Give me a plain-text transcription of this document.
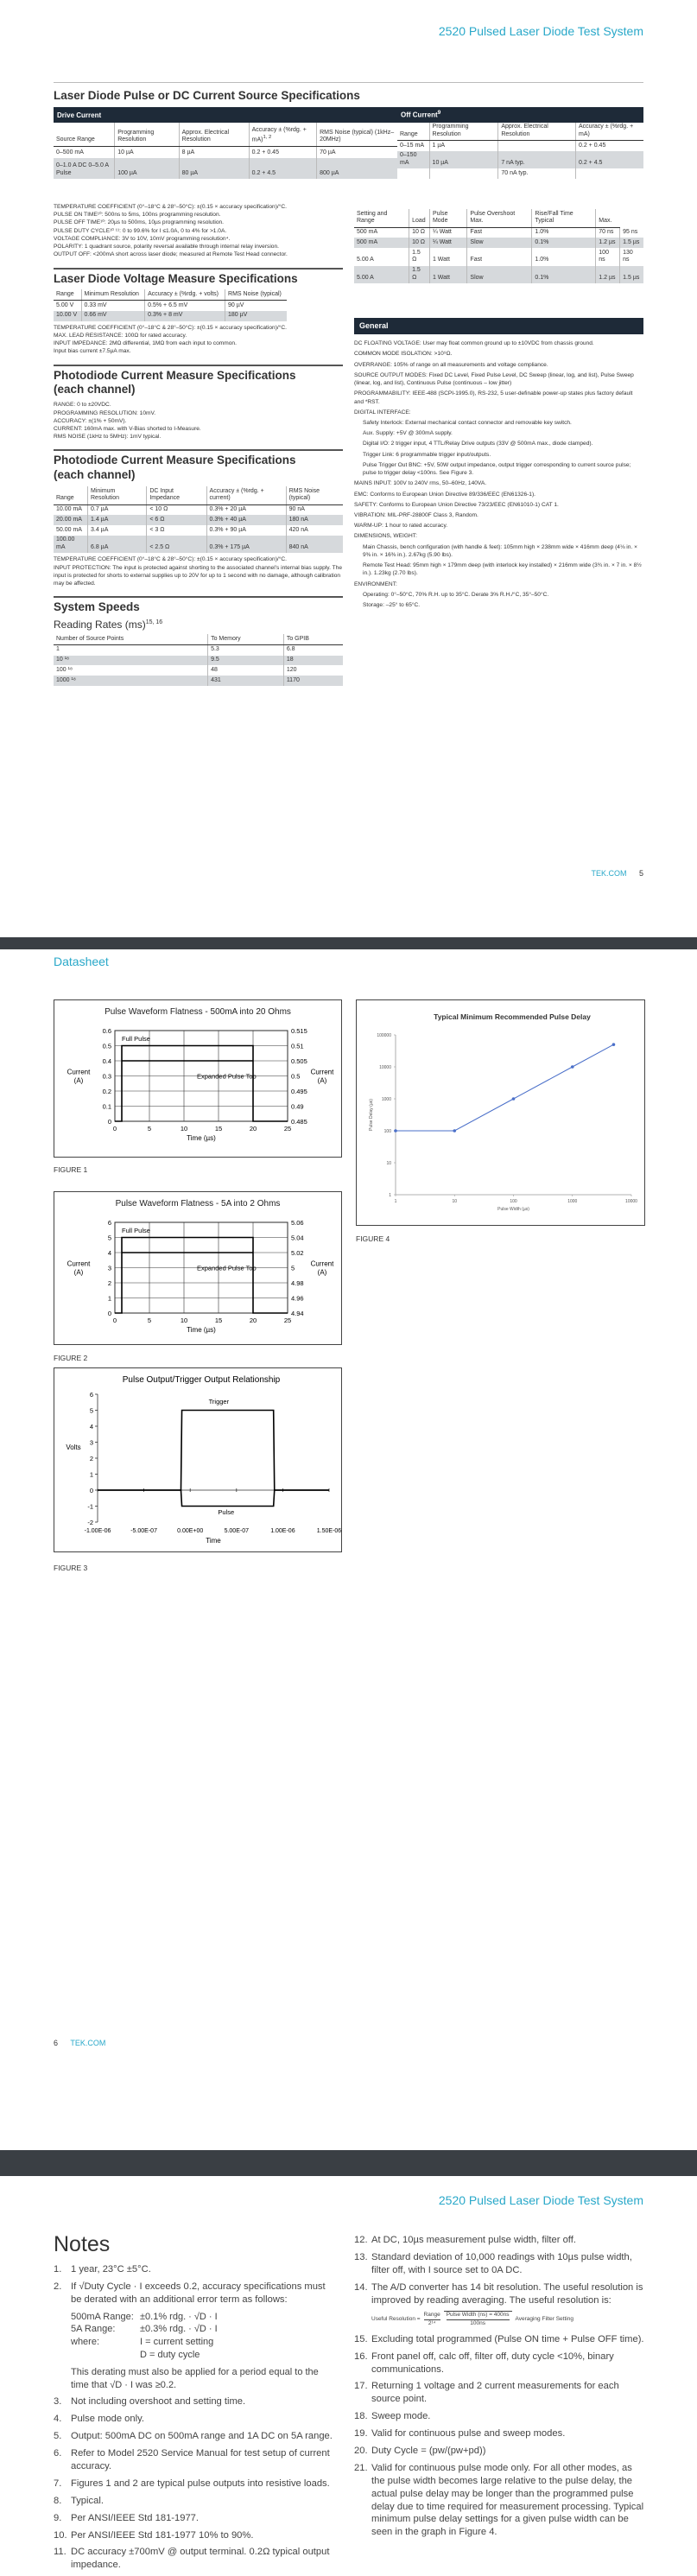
2520 Pulsed Laser Diode Test System
Laser Diode Pulse or DC Current Source Specifications
Drive Current				
Source Range	Programming Resolution	Approx. Electrical Resolution	Accuracy ± (%rdg. + mA)$^{1, 2}$	RMS Noise (typical) (1kHz–20MHz)
0–500 mA	10 µA	8 µA	0.2 + 0.45	70 µA
0–1.0 A DC 0–5.0 A Pulse	100 µA	80 µA	0.2 + 4.5	800 µA
Off Current$^9$
Range	Programming Resolution	Approx. Electrical Resolution	Accuracy ± (%rdg. + mA)
0–15 mA	1 µA		0.2 + 0.45
0–150 mA	10 µA	7 nA typ.	0.2 + 4.5
		70 nA typ.	

TEMPERATURE COEFFICIENT (0°–18°C & 28°–50°C): ±(0.15 × accuracy specification)/°C.

PULSE ON TIME¹⁰: 500ns to 5ms, 100ns programming resolution.

PULSE OFF TIME¹⁰: 20µs to 500ms, 10µs programming resolution.

PULSE DUTY CYCLE¹⁰ ¹¹: 0 to 99.6% for I ≤1.0A, 0 to 4% for >1.0A.

VOLTAGE COMPLIANCE: 3V to 10V, 10mV programming resolution⁴.

POLARITY: 1 quadrant source, polarity reversal available through internal relay inversion.

OUTPUT OFF: <200mA short across laser diode; measured at Remote Test Head connector.

Laser Diode Voltage Measure Specifications
Range	Minimum Resolution	Accuracy ± (%rdg. + volts)	RMS Noise (typical)
5.00 V	0.33 mV	0.5% + 6.5 mV	90 µV
10.00 V	0.66 mV	0.3% + 8 mV	180 µV

TEMPERATURE COEFFICIENT (0°–18°C & 28°–50°C): ±(0.15 × accuracy specification)/°C.

MAX. LEAD RESISTANCE: 100Ω for rated accuracy.

INPUT IMPEDANCE: 2MΩ differential, 1MΩ from each input to common.

Input bias current ±7.5µA max.

Photodiode Current Measure Specifications
(each channel)

RANGE: 0 to ±20VDC.

PROGRAMMING RESOLUTION: 10mV.

ACCURACY: ±(1% + 50mV).

CURRENT: 160mA max. with V-Bias shorted to I-Measure.

RMS NOISE (1kHz to 5MHz): 1mV typical.

Photodiode Current Measure Specifications
(each channel)
Range	Minimum Resolution	DC Input Impedance	Accuracy ± (%rdg. + current)	RMS Noise (typical)
10.00 mA	0.7 µA	< 10 Ω	0.3% + 20 µA	90 nA
20.00 mA	1.4 µA	< 6 Ω	0.3% + 40 µA	180 nA
50.00 mA	3.4 µA	< 3 Ω	0.3% + 90 µA	420 nA
100.00 mA	6.8 µA	< 2.5 Ω	0.3% + 175 µA	840 nA

TEMPERATURE COEFFICIENT (0°–18°C & 28°–50°C): ±(0.15 × accuracy specification)/°C.

INPUT PROTECTION: The input is protected against shorting to the associated channel’s internal bias supply. The input is protected for shorts to external supplies up to 20V for up to 1 second with no damage, although calibration may be affected.

System Speeds
Reading Rates (ms)$^{15, 16}$
Number of Source Points	To Memory	To GPIB
1	5.3	6.8
10 ¹⁸	9.5	18
100 ¹⁸	48	120
1000 ¹⁸	431	1170
Setting and Range	Load	Pulse Mode	Pulse Overshoot Max.	Rise/Fall Time Typical	Max.	
500 mA	10 Ω	¼ Watt	Fast	1.0%	70 ns	95 ns
500 mA	10 Ω	¼ Watt	Slow	0.1%	1.2 µs	1.5 µs
5.00 A	1.5 Ω	1 Watt	Fast	1.0%	100 ns	130 ns
5.00 A	1.5 Ω	1 Watt	Slow	0.1%	1.2 µs	1.5 µs
General

DC FLOATING VOLTAGE: User may float common ground up to ±10VDC from chassis ground.

COMMON MODE ISOLATION: >10⁹Ω.

OVERRANGE: 105% of range on all measurements and voltage compliance.

SOURCE OUTPUT MODES: Fixed DC Level, Fixed Pulse Level, DC Sweep (linear, log, and list), Pulse Sweep (linear, log, and list), Continuous Pulse (continuous – low jitter)

PROGRAMMABILITY: IEEE-488 (SCPI-1995.0), RS-232, 5 user-definable power-up states plus factory default and *RST.

DIGITAL INTERFACE:

Safety Interlock: External mechanical contact connector and removable key switch.

Aux. Supply: +5V @ 300mA supply.

Digital I/O: 2 trigger input, 4 TTL/Relay Drive outputs (33V @ 500mA max., diode clamped).

Trigger Link: 6 programmable trigger input/outputs.

Pulse Trigger Out BNC: +5V, 50W output impedance, output trigger corresponding to current source pulse; pulse to trigger delay <100ns. See Figure 3.

MAINS INPUT: 100V to 240V rms, 50–60Hz, 140VA.

EMC: Conforms to European Union Directive 89/336/EEC (EN61326-1).

SAFETY: Conforms to European Union Directive 73/23/EEC (EN61010-1) CAT 1.

VIBRATION: MIL-PRF-28800F Class 3, Random.

WARM-UP: 1 hour to rated accuracy.

DIMENSIONS, WEIGHT:

Main Chassis, bench configuration (with handle & feet): 105mm high × 238mm wide × 416mm deep (4⅛ in. × 9⅜ in. × 16⅜ in.). 2.67kg (5.90 lbs).

Remote Test Head: 95mm high × 179mm deep (with interlock key installed) × 216mm wide (3¾ in. × 7 in. × 8½ in.). 1.23kg (2.70 lbs).

ENVIRONMENT:

Operating: 0°–50°C, 70% R.H. up to 35°C. Derate 3% R.H./°C, 35°–50°C.

Storage: –25° to 65°C.

TEK.COM 5
Datasheet
Pulse Waveform Flatness - 500mA into 20 Ohms
0
0.1
0.2
0.3
0.4
0.5
0.6
0.485
0.49
0.495
0.5
0.505
0.51
0.515
0	5	10	15	20	25
Time (µs)
Current
(A)
Current
(A)
Full Pulse
Expanded Pulse Top
FIGURE 1
Pulse Waveform Flatness - 5A into 2 Ohms
0
1
2
3
4
5
6
4.94
4.96
4.98
5
5.02
5.04
5.06
0	5	10	15	20	25
Time (µs)
Current
(A)
Current
(A)
Full Pulse
Expanded Pulse Top
FIGURE 2
Pulse Output/Trigger Output Relationship
-2
-1
0
1
2
3
4
5
6
-1.00E-06	-5.00E-07	0.00E+00	5.00E-07	1.00E-06	1.50E-06
Time
Volts
Trigger
Pulse
FIGURE 3
Typical Minimum Recommended Pulse Delay
1
10
100
1000
10000
100000
1	10	100	1000	10000
Pulse Width (µs)
Pulse Delay (µs)
FIGURE 4
6 TEK.COM
2520 Pulsed Laser Diode Test System
Notes
1. 1 year, 23°C ±5°C.
2. If √Duty Cycle · I exceeds 0.2, accuracy specifications must be derated with an additional error term as follows:
500mA Range: ±0.1% rdg. · √D · I
5A Range:	±0.3% rdg. · √D · I
where:	I = current setting
D = duty cycle
This derating must also be applied for a period equal to the time that √D · I was ≥0.2.
3. Not including overshoot and setting time.
4. Pulse mode only.
5. Output: 500mA DC on 500mA range and 1A DC on 5A range.
6. Refer to Model 2520 Service Manual for test setup of current accuracy.
7. Figures 1 and 2 are typical pulse outputs into resistive loads.
8. Typical.
9. Per ANSI/IEEE Std 181-1977.
10. Per ANSI/IEEE Std 181-1977 10% to 90%.
11. DC accuracy ±700mV @ output terminal. 0.2Ω typical output impedance.
12. At DC, 10µs measurement pulse width, filter off.
13. Standard deviation of 10,000 readings with 10µs pulse width, filter off, with I source set to 0A DC.
14. The A/D converter has 14 bit resolution. The useful resolution is improved by reading averaging. The useful resolution is:
Useful Resolution =
Range
2¹⁴
Pulse Width (ns) = 400ns
100ns
Averaging Filter Setting
15. Excluding total programmed (Pulse ON time + Pulse OFF time).
16. Front panel off, calc off, filter off, duty cycle <10%, binary communications.
17. Returning 1 voltage and 2 current measurements for each source point.
18. Sweep mode.
19. Valid for continuous pulse and sweep modes.
20. Duty Cycle = (pw/(pw+pd))
21. Valid for continuous pulse mode only. For all other modes, as the pulse width becomes large relative to the pulse delay, the actual pulse delay may be longer than the programmed pulse delay due to time required for measurement processing. Typical minimum pulse delay settings for a given pulse width can be seen in the graph in Figure 4.
